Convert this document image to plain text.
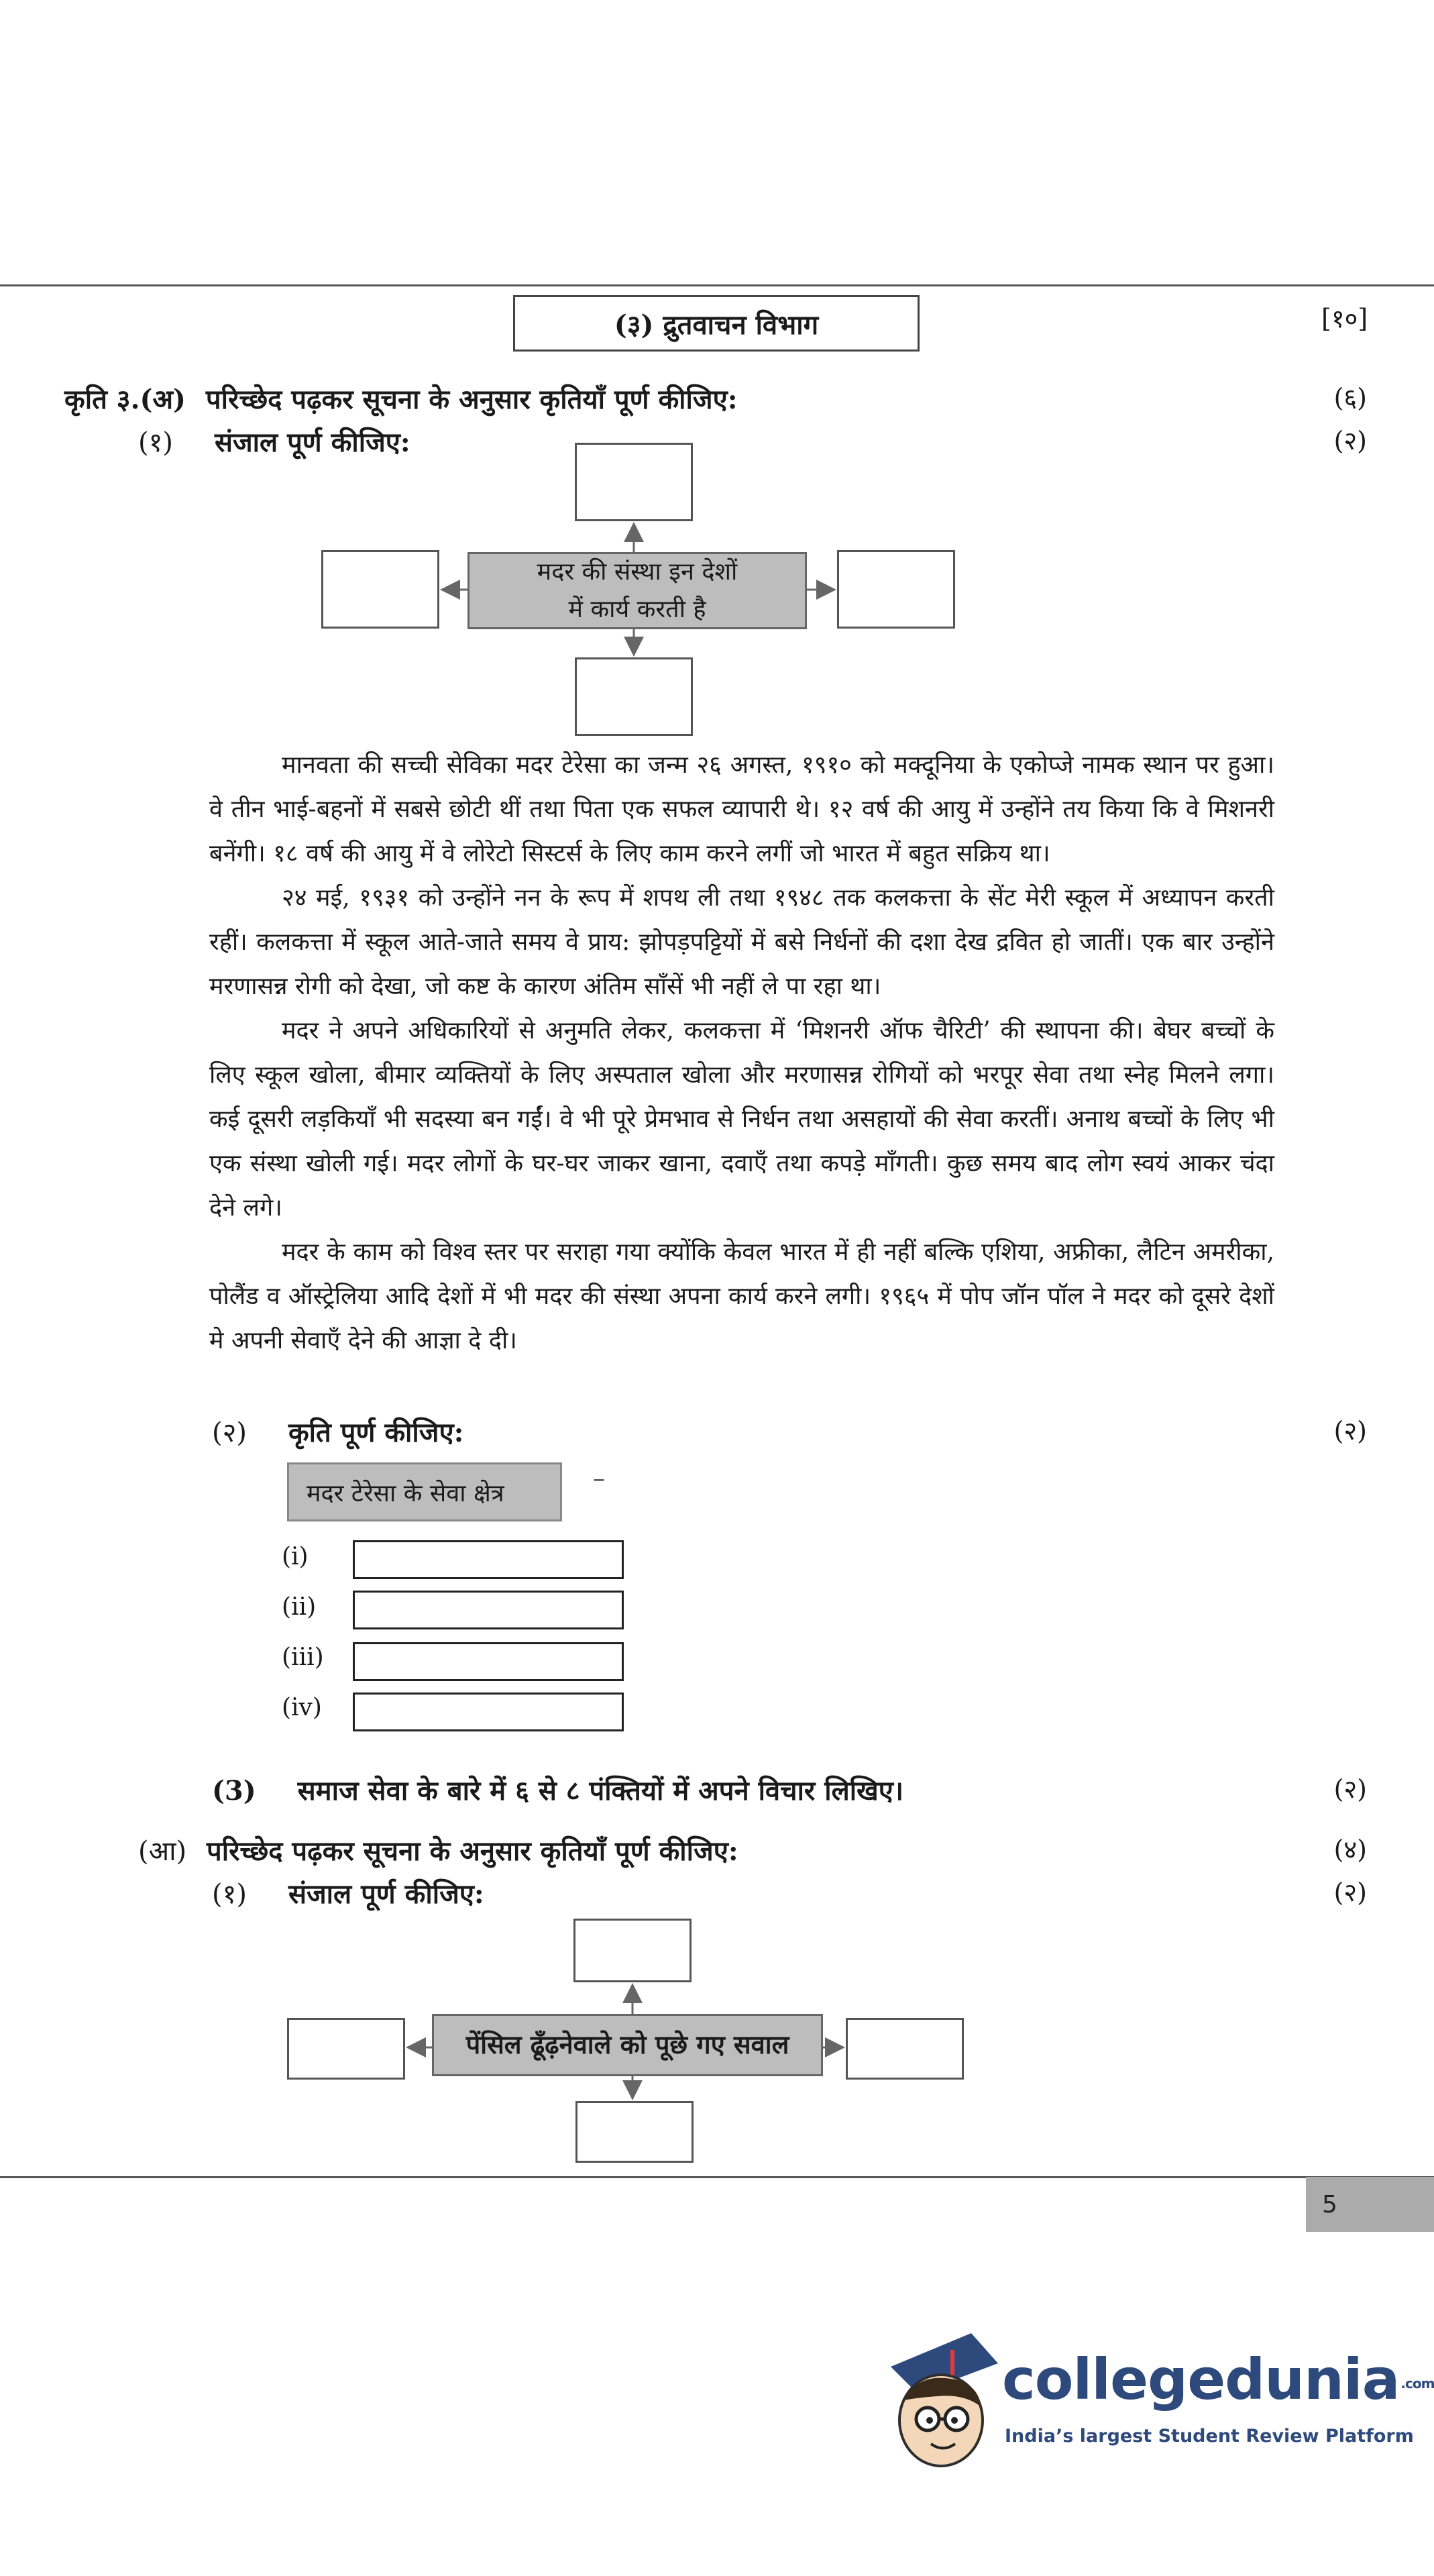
(३) द्रुतवाचन विभाग	[१०]
कृति ३.(अ) परिच्छेद पढ़कर सूचना के अनुसार कृतियाँ पूर्ण कीजिए:	(६)
(१) संजाल पूर्ण कीजिए:	(२)
मदर की संस्था इन देशों
में कार्य करती है

मानवता की सच्ची सेविका मदर टेरेसा का जन्म २६ अगस्त, १९१० को मक्दूनिया के एकोप्जे नामक स्थान पर हुआ। वे तीन भाई-बहनों में सबसे छोटी थीं तथा पिता एक सफल व्यापारी थे। १२ वर्ष की आयु में उन्होंने तय किया कि वे मिशनरी बनेंगी। १८ वर्ष की आयु में वे लोरेटो सिस्टर्स के लिए काम करने लगीं जो भारत में बहुत सक्रिय था।

२४ मई, १९३१ को उन्होंने नन के रूप में शपथ ली तथा १९४८ तक कलकत्ता के सेंट मेरी स्कूल में अध्यापन करती रहीं। कलकत्ता में स्कूल आते-जाते समय वे प्राय: झोपड़पट्टियों में बसे निर्धनों की दशा देख द्रवित हो जातीं। एक बार उन्होंने मरणासन्न रोगी को देखा, जो कष्ट के कारण अंतिम साँसें भी नहीं ले पा रहा था।

मदर ने अपने अधिकारियों से अनुमति लेकर, कलकत्ता में ‘मिशनरी ऑफ चैरिटी’ की स्थापना की। बेघर बच्चों के लिए स्कूल खोला, बीमार व्यक्तियों के लिए अस्पताल खोला और मरणासन्न रोगियों को भरपूर सेवा तथा स्नेह मिलने लगा। कई दूसरी लड़कियाँ भी सदस्या बन गईं। वे भी पूरे प्रेमभाव से निर्धन तथा असहायों की सेवा करतीं। अनाथ बच्चों के लिए भी एक संस्था खोली गई। मदर लोगों के घर-घर जाकर खाना, दवाएँ तथा कपड़े माँगती। कुछ समय बाद लोग स्वयं आकर चंदा देने लगे।

मदर के काम को विश्व स्तर पर सराहा गया क्योंकि केवल भारत में ही नहीं बल्कि एशिया, अफ्रीका, लैटिन अमरीका, पोलैंड व ऑस्ट्रेलिया आदि देशों में भी मदर की संस्था अपना कार्य करने लगी। १९६५ में पोप जॉन पॉल ने मदर को दूसरे देशों मे अपनी सेवाएँ देने की आज्ञा दे दी।

(२) कृति पूर्ण कीजिए:	(२)
मदर टेरेसा के सेवा क्षेत्र
–
(i)
(ii)
(iii)
(iv)
(3) समाज सेवा के बारे में ६ से ८ पंक्तियों में अपने विचार लिखिए।	(२)
(आ) परिच्छेद पढ़कर सूचना के अनुसार कृतियाँ पूर्ण कीजिए:	(४)
(१) संजाल पूर्ण कीजिए:	(२)
पेंसिल ढूँढ़नेवाले को पूछे गए सवाल
5
collegedunia .com
India’s largest Student Review Platform
